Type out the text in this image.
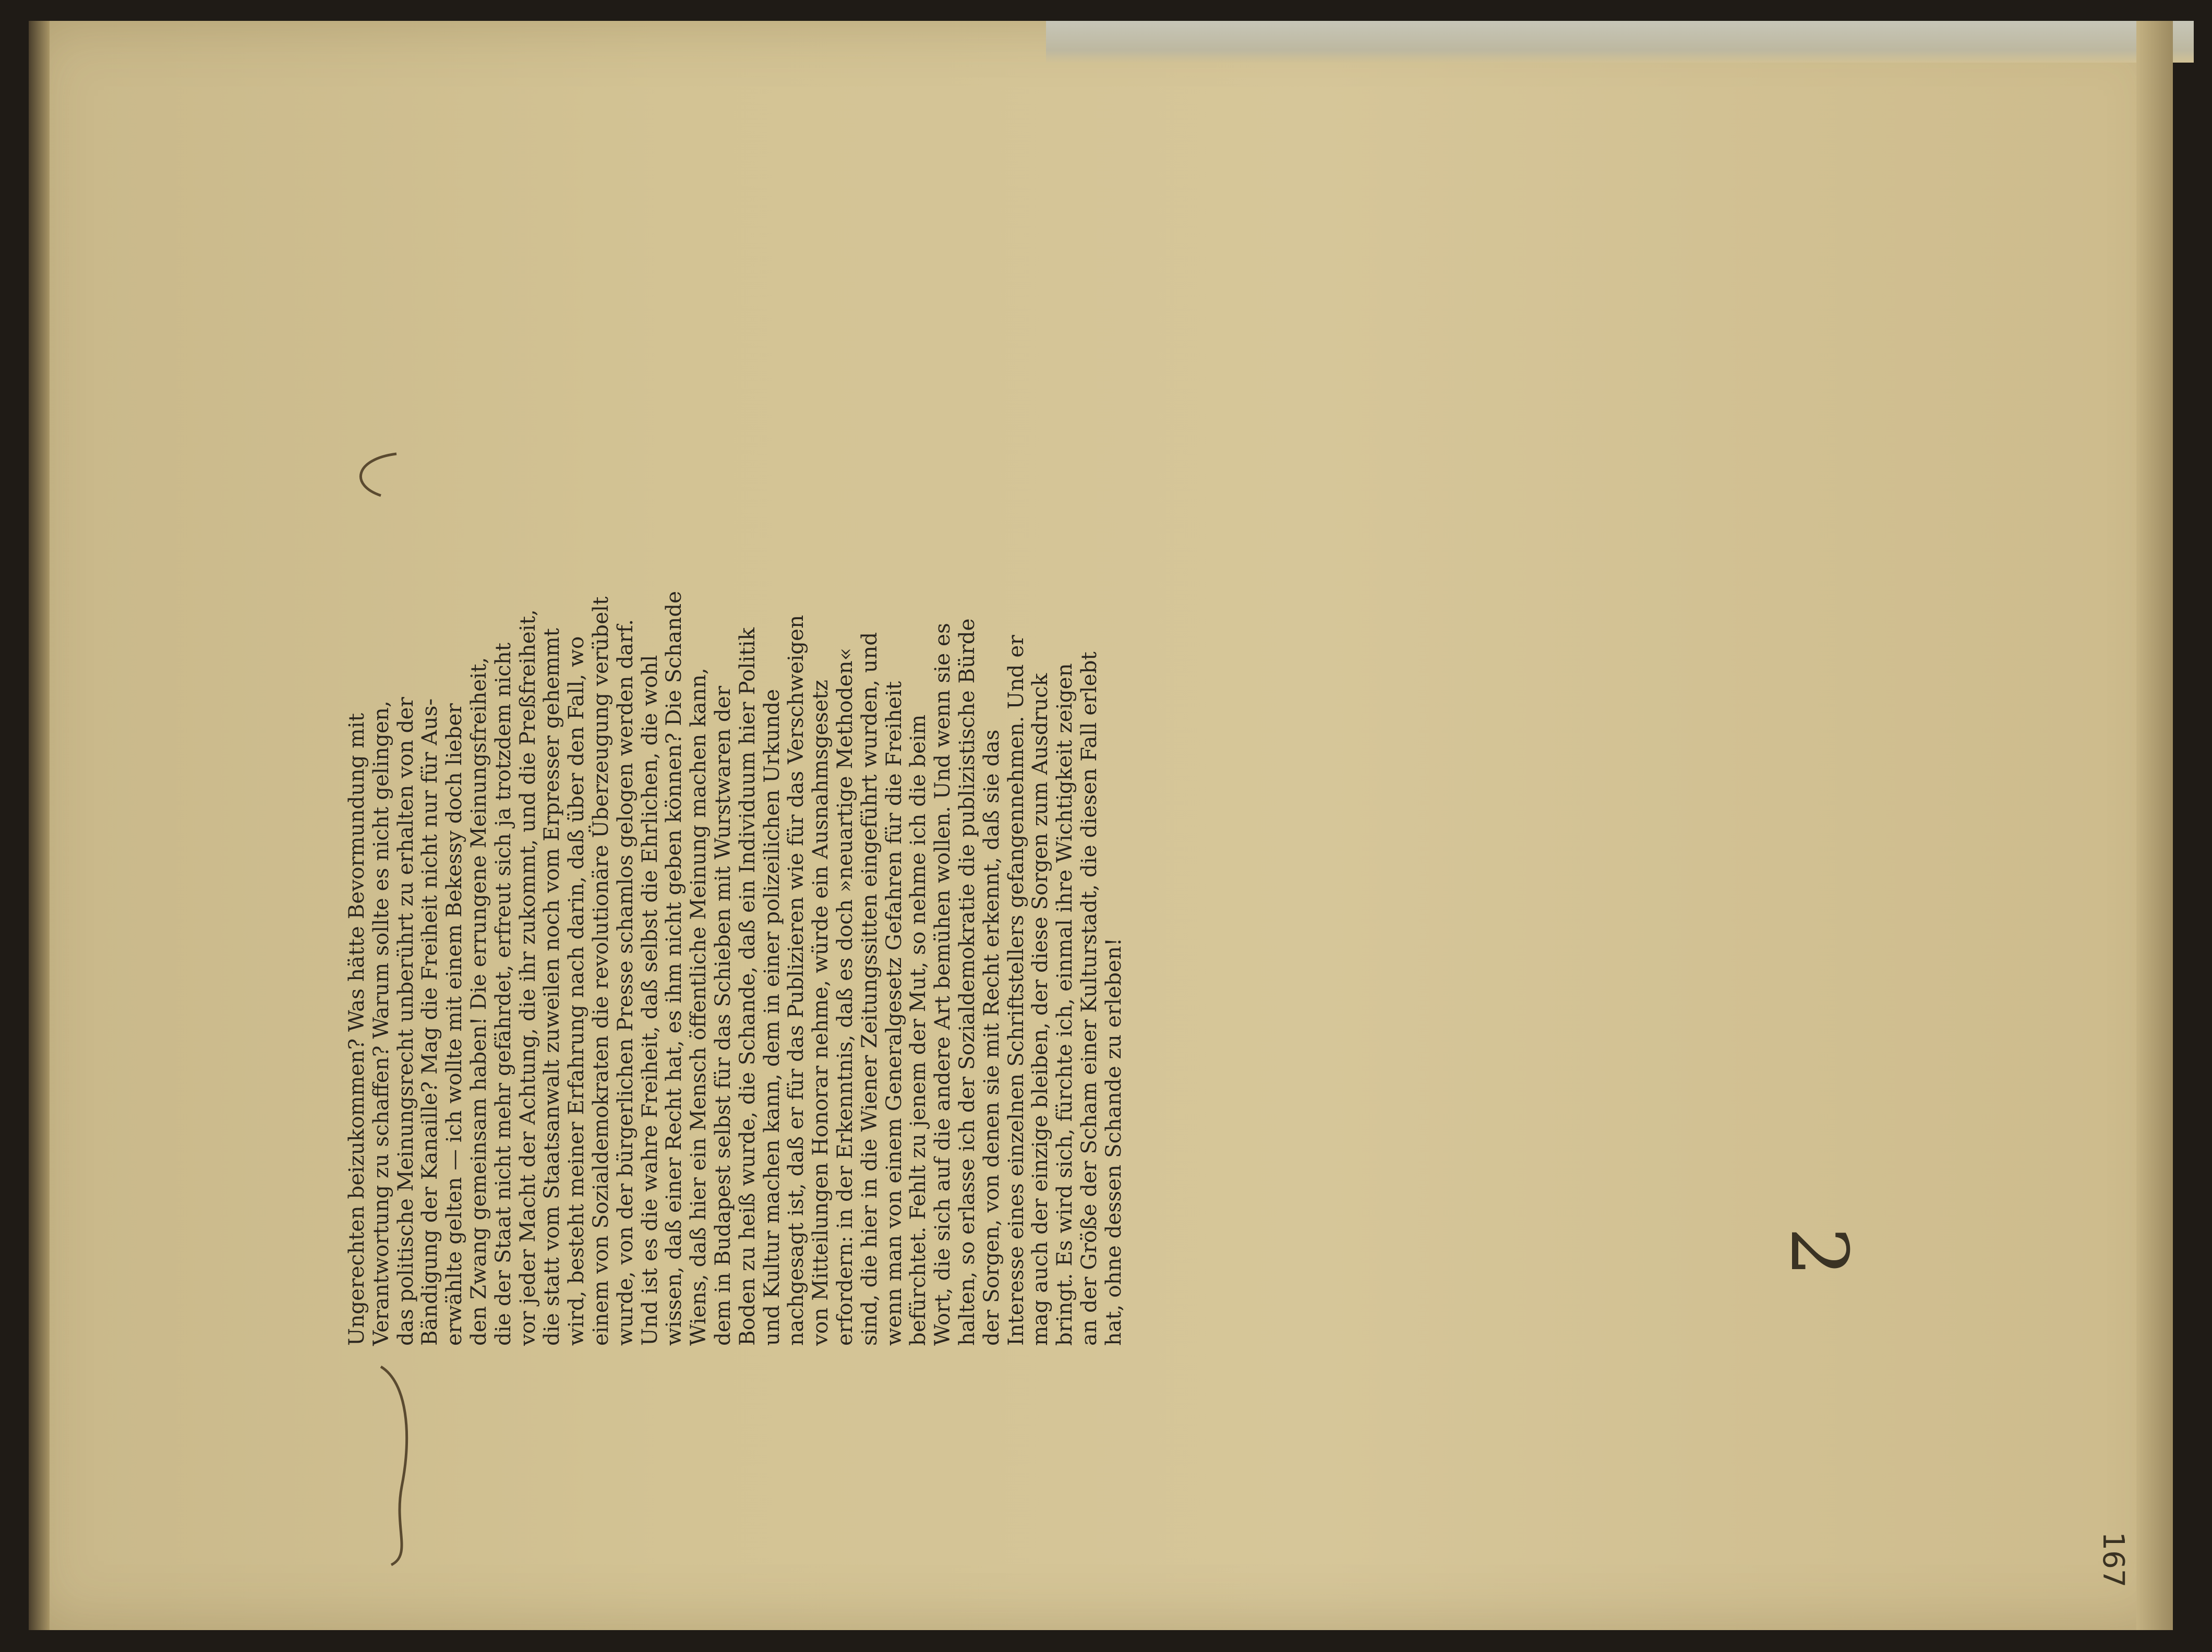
Ungerechten beizukommen? Was hätte Bevormundung mit

Verantwortung zu schaffen? Warum sollte es nicht gelingen,

das politische Meinungsrecht unberührt zu erhalten von der

Bändigung der Kanaille? Mag die Freiheit nicht nur für Aus-

erwählte gelten — ich wollte mit einem Bekessy doch lieber

den Zwang gemeinsam haben! Die errungene Meinungsfreiheit,

die der Staat nicht mehr gefährdet, erfreut sich ja trotzdem nicht

vor jeder Macht der Achtung, die ihr zukommt, und die Preßfreiheit,

die statt vom Staatsanwalt zuweilen noch vom Erpresser gehemmt

wird, besteht meiner Erfahrung nach darin, daß über den Fall, wo

einem von Sozialdemokraten die revolutionäre Überzeugung verübelt

wurde, von der bürgerlichen Presse schamlos gelogen werden darf.

Und ist es die wahre Freiheit, daß selbst die Ehrlichen, die wohl

wissen, daß einer Recht hat, es ihm nicht geben können? Die Schande

Wiens, daß hier ein Mensch öffentliche Meinung machen kann,

dem in Budapest selbst für das Schieben mit Wurstwaren der

Boden zu heiß wurde, die Schande, daß ein Individuum hier Politik

und Kultur machen kann, dem in einer polizeilichen Urkunde

nachgesagt ist, daß er für das Publizieren wie für das Verschweigen

von Mitteilungen Honorar nehme, würde ein Ausnahmsgesetz

erfordern: in der Erkenntnis, daß es doch »neuartige Methoden«

sind, die hier in die Wiener Zeitungssitten eingeführt wurden, und

wenn man von einem Generalgesetz Gefahren für die Freiheit

befürchtet. Fehlt zu jenem der Mut, so nehme ich die beim

Wort, die sich auf die andere Art bemühen wollen. Und wenn sie es

halten, so erlasse ich der Sozialdemokratie die publizistische Bürde

der Sorgen, von denen sie mit Recht erkennt, daß sie das

Interesse eines einzelnen Schriftstellers gefangennehmen. Und er

mag auch der einzige bleiben, der diese Sorgen zum Ausdruck

bringt. Es wird sich, fürchte ich, einmal ihre Wichtigkeit zeigen

an der Größe der Scham einer Kulturstadt, die diesen Fall erlebt

hat, ohne dessen Schande zu erleben!	2
167
